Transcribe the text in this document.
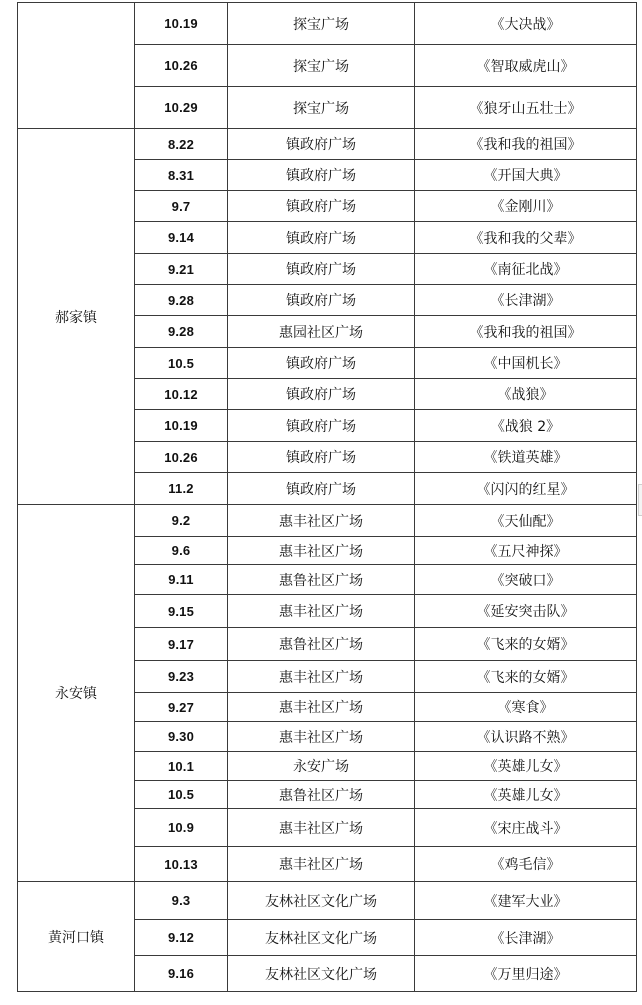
	10.19	探宝广场	《大决战》
	10.26	探宝广场	《智取威虎山》
	10.29	探宝广场	《狼牙山五壮士》
郝家镇	8.22	镇政府广场	《我和我的祖国》
	8.31	镇政府广场	《开国大典》
	9.7	镇政府广场	《金刚川》
	9.14	镇政府广场	《我和我的父辈》
	9.21	镇政府广场	《南征北战》
	9.28	镇政府广场	《长津湖》
	9.28	惠园社区广场	《我和我的祖国》
	10.5	镇政府广场	《中国机长》
	10.12	镇政府广场	《战狼》
	10.19	镇政府广场	《战狼 2》
	10.26	镇政府广场	《铁道英雄》
	11.2	镇政府广场	《闪闪的红星》
永安镇	9.2	惠丰社区广场	《天仙配》
	9.6	惠丰社区广场	《五尺神探》
	9.11	惠鲁社区广场	《突破口》
	9.15	惠丰社区广场	《延安突击队》
	9.17	惠鲁社区广场	《飞来的女婿》
	9.23	惠丰社区广场	《飞来的女婿》
	9.27	惠丰社区广场	《寒食》
	9.30	惠丰社区广场	《认识路不熟》
	10.1	永安广场	《英雄儿女》
	10.5	惠鲁社区广场	《英雄儿女》
	10.9	惠丰社区广场	《宋庄战斗》
	10.13	惠丰社区广场	《鸡毛信》
黄河口镇	9.3	友林社区文化广场	《建军大业》
	9.12	友林社区文化广场	《长津湖》
	9.16	友林社区文化广场	《万里归途》
